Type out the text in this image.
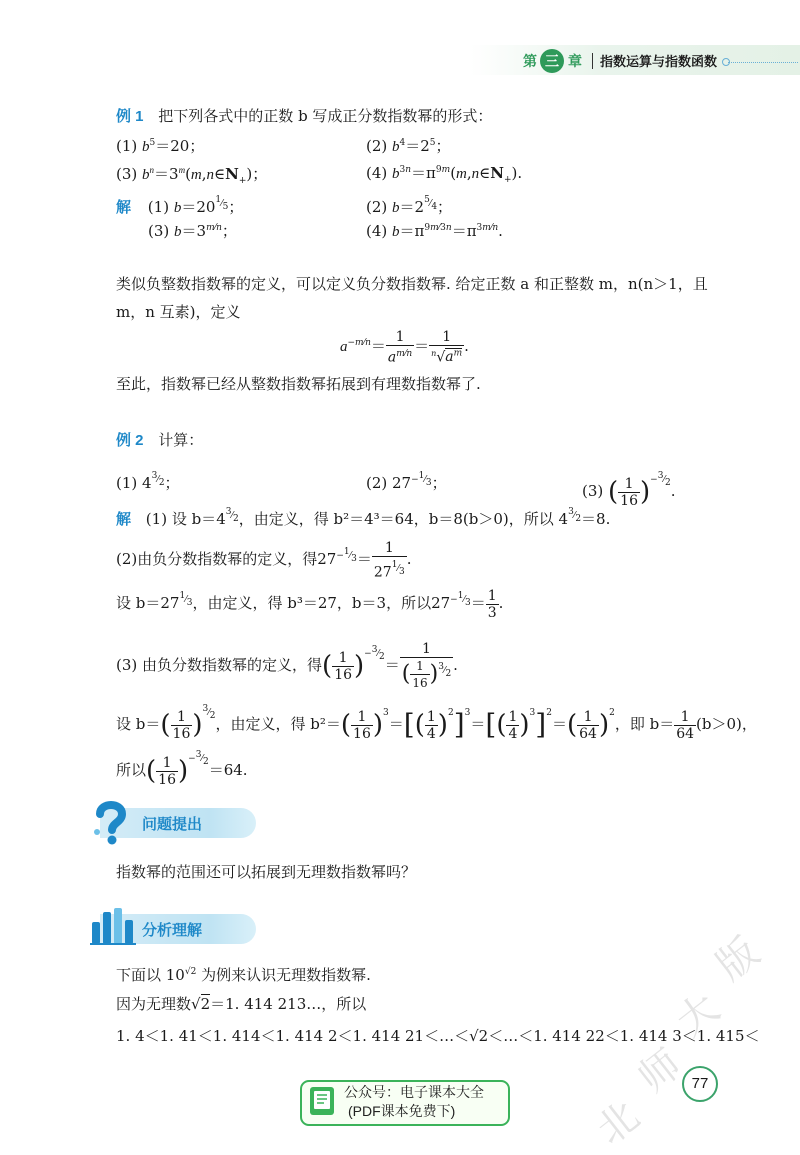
第 三 章 指数运算与指数函数
例 1 把下列各式中的正数 b 写成正分数指数幂的形式：
(1) $b^5=20$；	(2) $b^4=2^5$；
(3) $b^n=3^m(m,n\in N_+)$；	(4) $b^{3n}=\pi^{9m}(m,n\in N_+)$.
解 (1) $b=20^{^1⁄_5}$；	(2) $b=2^{^5⁄_4}$；
(3) $b=3^{m⁄n}$；	(4) $b=\pi^{9m⁄3n}=\pi^{3m⁄n}$.
类似负整数指数幂的定义，可以定义负分数指数幂. 给定正数 a 和正整数 m，n(n＞1，且
m，n 互素)，定义
$a^{-m⁄n}= \frac{1}{a^{m⁄n}} = \frac{1}{^n√a^m}$ .
至此，指数幂已经从整数指数幂拓展到有理数指数幂了.
例 2 计算：
(1) $4^{^3⁄_2}$；	(2) $27^{-^1⁄_3}$；	(3) ( $\frac{1}{16} )^{-^3⁄_2}$.
解 (1) 设 $b=4^{^3⁄_2}$，由定义，得 b²＝4³＝64，b＝8(b＞0)，所以 $4^{^3⁄_2}=8$.
(2)由负分数指数幂的定义，得$27^{-^1⁄_3}= \frac{1}{27^{^1⁄_3}}$ .
设 $b=27^{^1⁄_3}$，由定义，得 b³＝27，b＝3，所以$27^{-^1⁄_3}= \frac{1}{3}$ .
(3) 由负分数指数幂的定义，得( $\frac{1}{16} )^{-^3⁄_2}= \frac{1}{( \frac{1}{16} )^{^3⁄_2}}$ .
设 $b=( \frac{1}{16} )^{^3⁄_2}$，由定义，得 $b^2=( \frac{1}{16} )^3=[( \frac{1}{4} )^2]^3=[( \frac{1}{4} )^3]^2=( \frac{1}{64} )^2$，即 $b= \frac{1}{64} (b>0)$，
所以( $\frac{1}{16} )^{-^3⁄_2}=64$.
问题提出
指数幂的范围还可以拓展到无理数指数幂吗？
分析理解
下面以 $10^{√2}$ 为例来认识无理数指数幂.
因为无理数√2＝1. 414 213…，所以
1. 4＜1. 41＜1. 414＜1. 414 2＜1. 414 21＜…＜√2＜…＜1. 414 22＜1. 414 3＜1. 415＜
77
公众号：电子课本大全
(PDF课本免费下)
版
大
师
北
